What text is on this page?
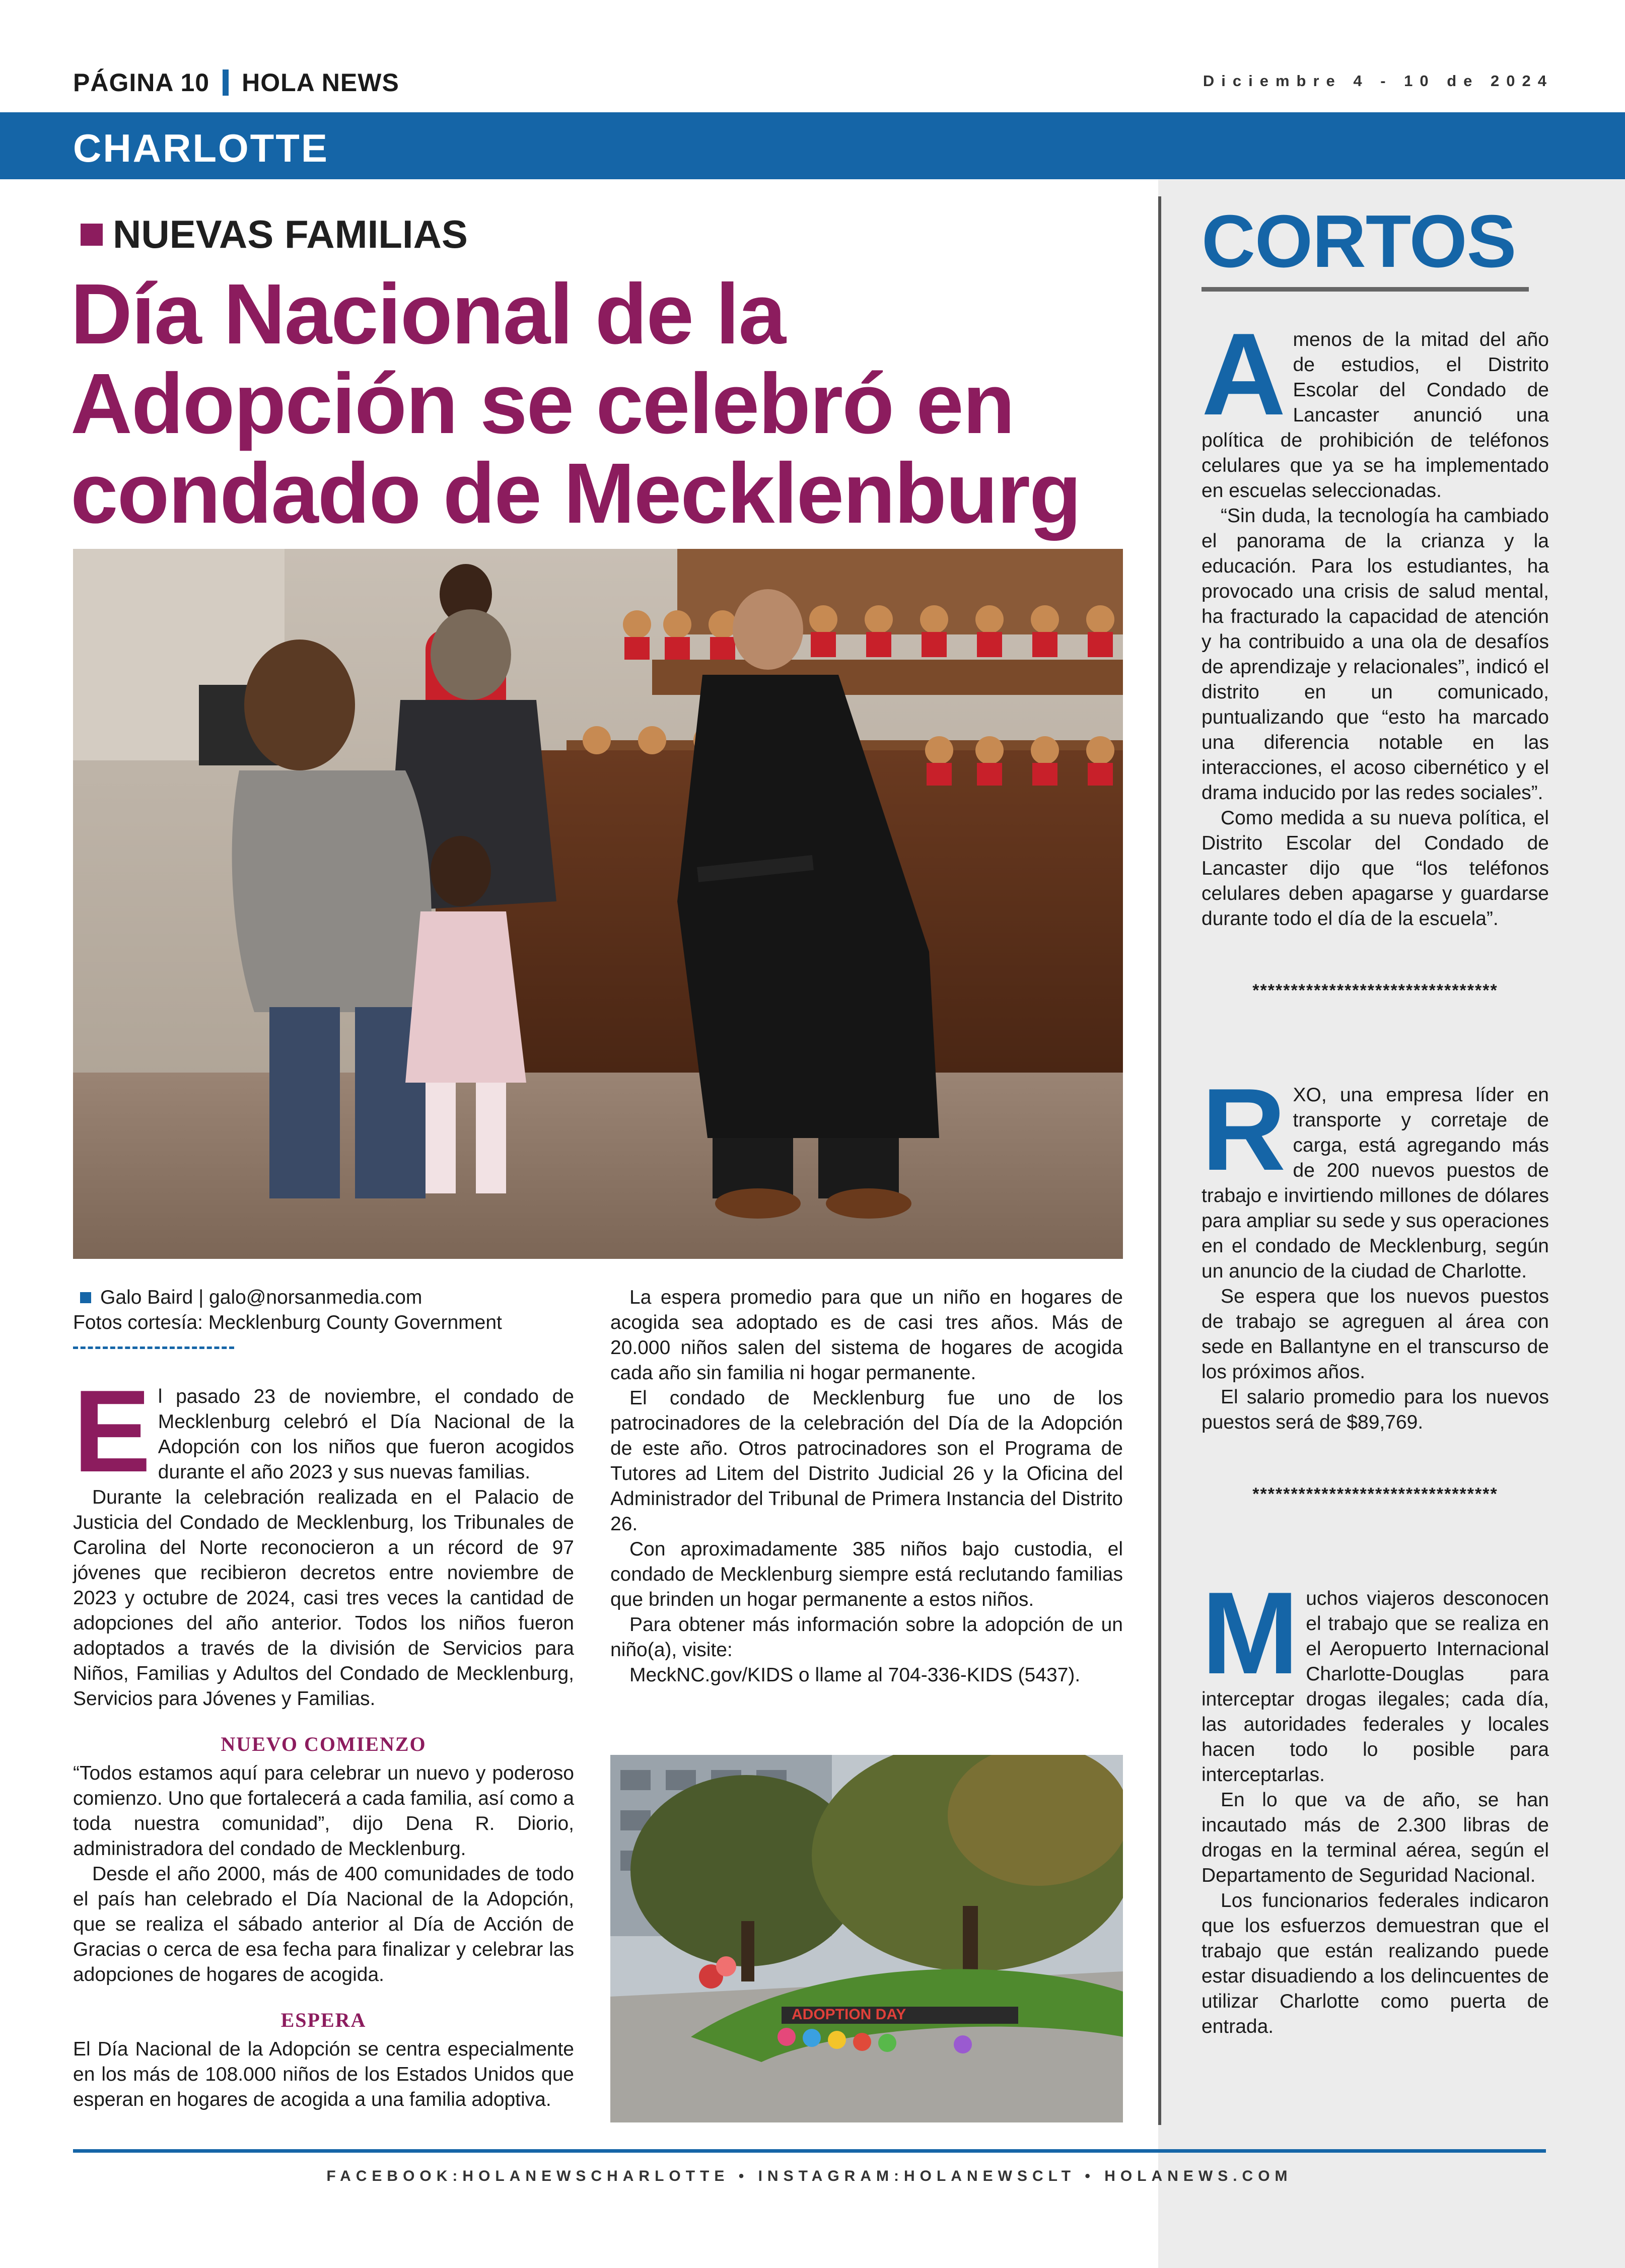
PÁGINA 10 HOLA NEWS	Diciembre 4 - 10 de 2024
CHARLOTTE
NUEVAS FAMILIAS
Día Nacional de la Adopción se celebró en condado de Mecklenburg
Galo Baird | galo@norsanmedia.com
Fotos cortesía: Mecklenburg County Government

El pasado 23 de noviembre, el condado de Mecklenburg celebró el Día Nacional de la Adopción con los niños que fueron acogidos durante el año 2023 y sus nuevas familias.

Durante la celebración realizada en el Palacio de Justicia del Condado de Mecklenburg, los Tribunales de Carolina del Norte reconocieron a un récord de 97 jóvenes que recibieron decretos entre noviembre de 2023 y octubre de 2024, casi tres veces la cantidad de adopciones del año anterior. Todos los niños fueron adoptados a través de la división de Servicios para Niños, Familias y Adultos del Condado de Mecklenburg, Servicios para Jóvenes y Familias.

NUEVO COMIENZO

“Todos estamos aquí para celebrar un nuevo y poderoso comienzo. Uno que fortalecerá a cada familia, así como a toda nuestra comunidad”, dijo Dena R. Diorio, administradora del condado de Mecklenburg.

Desde el año 2000, más de 400 comunidades de todo el país han celebrado el Día Nacional de la Adopción, que se realiza el sábado anterior al Día de Acción de Gracias o cerca de esa fecha para finalizar y celebrar las adopciones de hogares de acogida.

ESPERA

El Día Nacional de la Adopción se centra especialmente en los más de 108.000 niños de los Estados Unidos que esperan en hogares de acogida a una familia adoptiva.

La espera promedio para que un niño en hogares de acogida sea adoptado es de casi tres años. Más de 20.000 niños salen del sistema de hogares de acogida cada año sin familia ni hogar permanente.

El condado de Mecklenburg fue uno de los patrocinadores de la celebración del Día de la Adopción de este año. Otros patrocinadores son el Programa de Tutores ad Litem del Distrito Judicial 26 y la Oficina del Administrador del Tribunal de Primera Instancia del Distrito 26.

Con aproximadamente 385 niños bajo custodia, el condado de Mecklenburg siempre está reclutando familias que brinden un hogar permanente a estos niños.

Para obtener más información sobre la adopción de un niño(a), visite:

MeckNC.gov/KIDS o llame al 704-336-KIDS (5437).

ADOPTION DAY
CORTOS

A menos de la mitad del año de estudios, el Distrito Escolar del Condado de Lancaster anunció una política de prohibición de teléfonos celulares que ya se ha implementado en escuelas seleccionadas.

“Sin duda, la tecnología ha cambiado el panorama de la crianza y la educación. Para los estudiantes, ha provocado una crisis de salud mental, ha fracturado la capacidad de atención y ha contribuido a una ola de desafíos de aprendizaje y relacionales”, indicó el distrito en un comunicado, puntualizando que “esto ha marcado una diferencia notable en las interacciones, el acoso cibernético y el drama inducido por las redes sociales”.

Como medida a su nueva política, el Distrito Escolar del Condado de Lancaster dijo que “los teléfonos celulares deben apagarse y guardarse durante todo el día de la escuela”.

********************************

RXO, una empresa líder en transporte y corretaje de carga, está agregando más de 200 nuevos puestos de trabajo e invirtiendo millones de dólares para ampliar su sede y sus operaciones en el condado de Mecklenburg, según un anuncio de la ciudad de Charlotte.

Se espera que los nuevos puestos de trabajo se agreguen al área con sede en Ballantyne en el transcurso de los próximos años.

El salario promedio para los nuevos puestos será de $89,769.

********************************

Muchos viajeros desconocen el trabajo que se realiza en el Aeropuerto Internacional Charlotte-Douglas para interceptar drogas ilegales; cada día, las autoridades federales y locales hacen todo lo posible para interceptarlas.

En lo que va de año, se han incautado más de 2.300 libras de drogas en la terminal aérea, según el Departamento de Seguridad Nacional.

Los funcionarios federales indicaron que los esfuerzos demuestran que el trabajo que están realizando puede estar disuadiendo a los delincuentes de utilizar Charlotte como puerta de entrada.

FACEBOOK:HOLANEWSCHARLOTTE • INSTAGRAM:HOLANEWSCLT • HOLANEWS.COM
